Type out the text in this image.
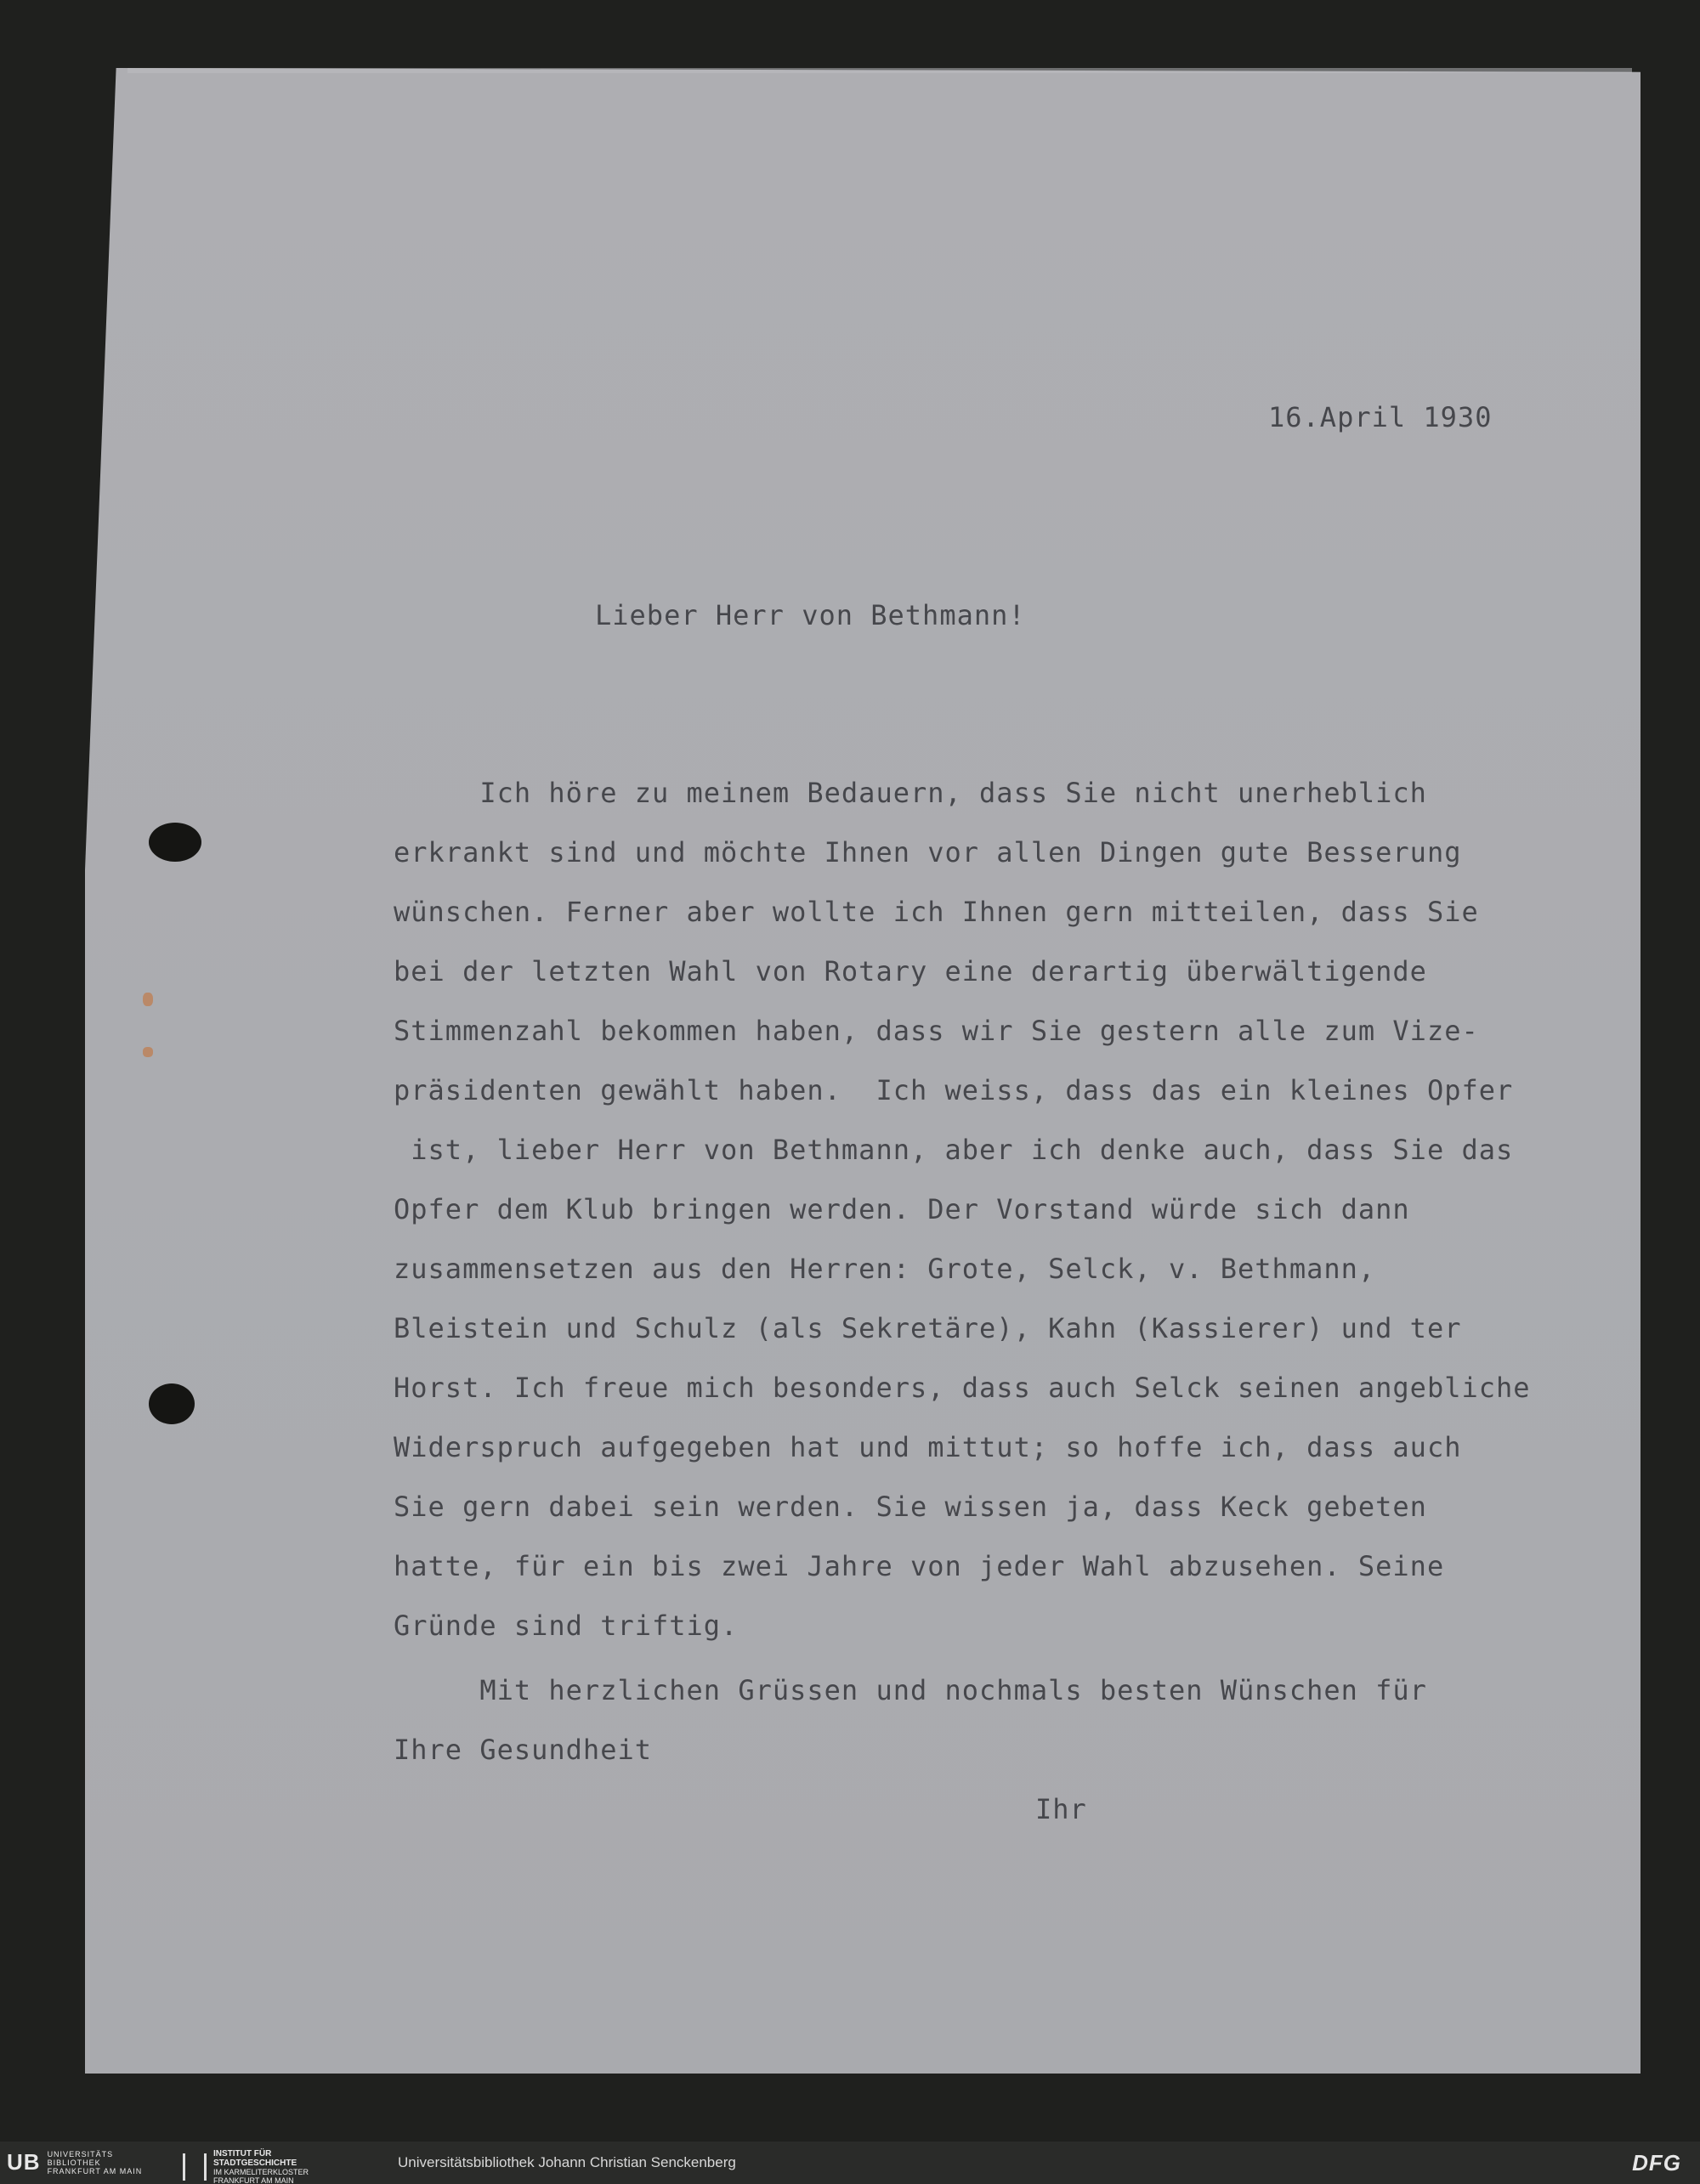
16.April 1930
Lieber Herr von Bethmann!
Ich höre zu meinem Bedauern, dass Sie nicht unerheblich
erkrankt sind und möchte Ihnen vor allen Dingen gute Besserung
wünschen. Ferner aber wollte ich Ihnen gern mitteilen, dass Sie
bei der letzten Wahl von Rotary eine derartig überwältigende
Stimmenzahl bekommen haben, dass wir Sie gestern alle zum Vize-
präsidenten gewählt haben.  Ich weiss, dass das ein kleines Opfer
ist, lieber Herr von Bethmann, aber ich denke auch, dass Sie das
Opfer dem Klub bringen werden. Der Vorstand würde sich dann
zusammensetzen aus den Herren: Grote, Selck, v. Bethmann,
Bleistein und Schulz (als Sekretäre), Kahn (Kassierer) und ter
Horst. Ich freue mich besonders, dass auch Selck seinen angebliche
Widerspruch aufgegeben hat und mittut; so hoffe ich, dass auch
Sie gern dabei sein werden. Sie wissen ja, dass Keck gebeten
hatte, für ein bis zwei Jahre von jeder Wahl abzusehen. Seine
Gründe sind triftig.
Mit herzlichen Grüssen und nochmals besten Wünschen für
Ihre Gesundheit
Ihr
UB UNIVERSITÄTS
BIBLIOTHEK
FRANKFURT AM MAIN
INSTITUT FÜR
STADTGESCHICHTE
IM KARMELITERKLOSTER
FRANKFURT AM MAIN
Universitätsbibliothek Johann Christian Senckenberg	DFG
